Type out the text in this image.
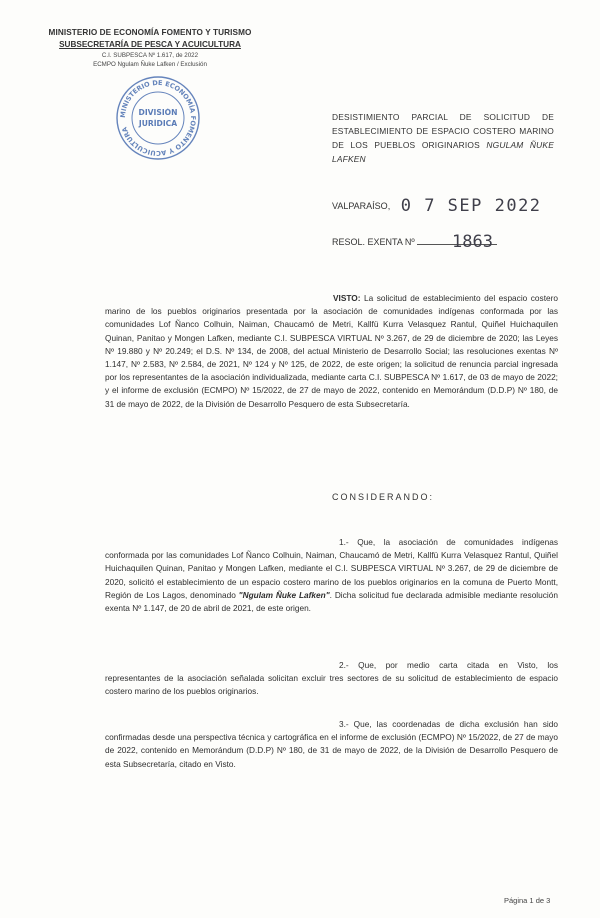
MINISTERIO DE ECONOMÍA FOMENTO Y TURISMO
SUBSECRETARÍA DE PESCA Y ACUICULTURA
C.I. SUBPESCA Nº 1.617, de 2022
ECMPO Ngulam Ñuke Lafken / Exclusión
MINISTERIO DE ECONOMÍA FOMENTO Y ACUICULTURA
DIVISIÓN
JURÍDICA
DESISTIMIENTO PARCIAL DE SOLICITUD DE ESTABLECIMIENTO DE ESPACIO COSTERO MARINO DE LOS PUEBLOS ORIGINARIOS NGULAM ÑUKE LAFKEN
VALPARAÍSO, 0 7 SEP 2022
RESOL. EXENTA Nº	1863
VISTO: La solicitud de establecimiento del espacio costero marino de los pueblos originarios presentada por la asociación de comunidades indígenas conformada por las comunidades Lof Ñanco Colhuin, Naiman, Chaucamó de Metri, Kallfü Kurra Velasquez Rantul, Quiñel Huichaquilen Quinan, Panitao y Mongen Lafken, mediante C.I. SUBPESCA VIRTUAL Nº 3.267, de 29 de diciembre de 2020; las Leyes Nº 19.880 y Nº 20.249; el D.S. Nº 134, de 2008, del actual Ministerio de Desarrollo Social; las resoluciones exentas Nº 1.147, Nº 2.583, Nº 2.584, de 2021, Nº 124 y Nº 125, de 2022, de este origen; la solicitud de renuncia parcial ingresada por los representantes de la asociación individualizada, mediante carta C.I. SUBPESCA Nº 1.617, de 03 de mayo de 2022; y el informe de exclusión (ECMPO) Nº 15/2022, de 27 de mayo de 2022, contenido en Memorándum (D.D.P) Nº 180, de 31 de mayo de 2022, de la División de Desarrollo Pesquero de esta Subsecretaría.
CONSIDERANDO:
1.- Que, la asociación de comunidades indígenas conformada por las comunidades Lof Ñanco Colhuin, Naiman, Chaucamó de Metri, Kallfü Kurra Velasquez Rantul, Quiñel Huichaquilen Quinan, Panitao y Mongen Lafken, mediante el C.I. SUBPESCA VIRTUAL Nº 3.267, de 29 de diciembre de 2020, solicitó el establecimiento de un espacio costero marino de los pueblos originarios en la comuna de Puerto Montt, Región de Los Lagos, denominado "Ngulam Ñuke Lafken". Dicha solicitud fue declarada admisible mediante resolución exenta Nº 1.147, de 20 de abril de 2021, de este origen.
2.- Que, por medio carta citada en Visto, los representantes de la asociación señalada solicitan excluir tres sectores de su solicitud de establecimiento de espacio costero marino de los pueblos originarios.
3.- Que, las coordenadas de dicha exclusión han sido confirmadas desde una perspectiva técnica y cartográfica en el informe de exclusión (ECMPO) Nº 15/2022, de 27 de mayo de 2022, contenido en Memorándum (D.D.P) Nº 180, de 31 de mayo de 2022, de la División de Desarrollo Pesquero de esta Subsecretaría, citado en Visto.
Página 1 de 3
